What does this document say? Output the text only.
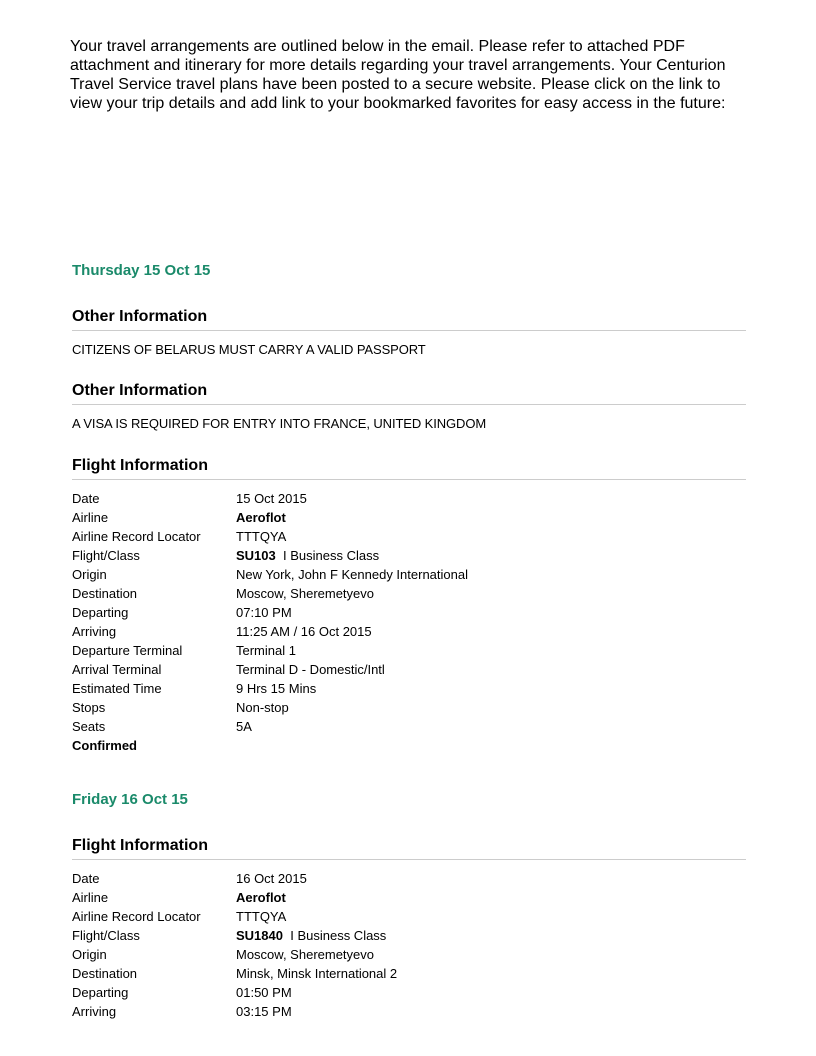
Your travel arrangements are outlined below in the email. Please refer to attached PDF attachment and itinerary for more details regarding your travel arrangements. Your Centurion Travel Service travel plans have been posted to a secure website. Please click on the link to view your trip details and add link to your bookmarked favorites for easy access in the future:

Thursday 15 Oct 15
Other Information

CITIZENS OF BELARUS MUST CARRY A VALID PASSPORT

Other Information

A VISA IS REQUIRED FOR ENTRY INTO FRANCE, UNITED KINGDOM

Flight Information
Date	15 Oct 2015
Airline	Aeroflot
Airline Record Locator	TTTQYA
Flight/Class	SU103 I Business Class
Origin	New York, John F Kennedy International
Destination	Moscow, Sheremetyevo
Departing	07:10 PM
Arriving	11:25 AM / 16 Oct 2015
Departure Terminal	Terminal 1
Arrival Terminal	Terminal D - Domestic/Intl
Estimated Time	9 Hrs 15 Mins
Stops	Non-stop
Seats	5A
Confirmed
Friday 16 Oct 15
Flight Information
Date	16 Oct 2015
Airline	Aeroflot
Airline Record Locator	TTTQYA
Flight/Class	SU1840 I Business Class
Origin	Moscow, Sheremetyevo
Destination	Minsk, Minsk International 2
Departing	01:50 PM
Arriving	03:15 PM
